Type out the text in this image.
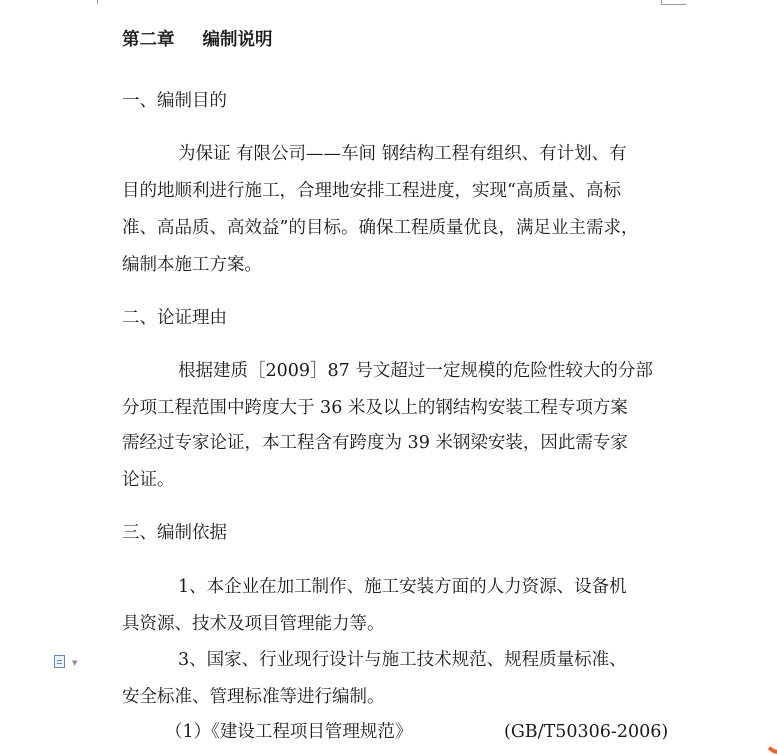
第二章 编制说明
一、编制目的
为保证 有限公司——车间 钢结构工程有组织、有计划、有
目的地顺利进行施工，合理地安排工程进度，实现“高质量、高标
准、高品质、高效益”的目标。确保工程质量优良，满足业主需求，
编制本施工方案。
二、论证理由
根据建质［2009］87 号文超过一定规模的危险性较大的分部
分项工程范围中跨度大于 36 米及以上的钢结构安装工程专项方案
需经过专家论证，本工程含有跨度为 39 米钢梁安装，因此需专家
论证。
三、编制依据
1、本企业在加工制作、施工安装方面的人力资源、设备机
具资源、技术及项目管理能力等。
3、国家、行业现行设计与施工技术规范、规程质量标准、
安全标准、管理标准等进行编制。
（1）《建设工程项目管理规范》	(GB/T50306-2006)
▼
